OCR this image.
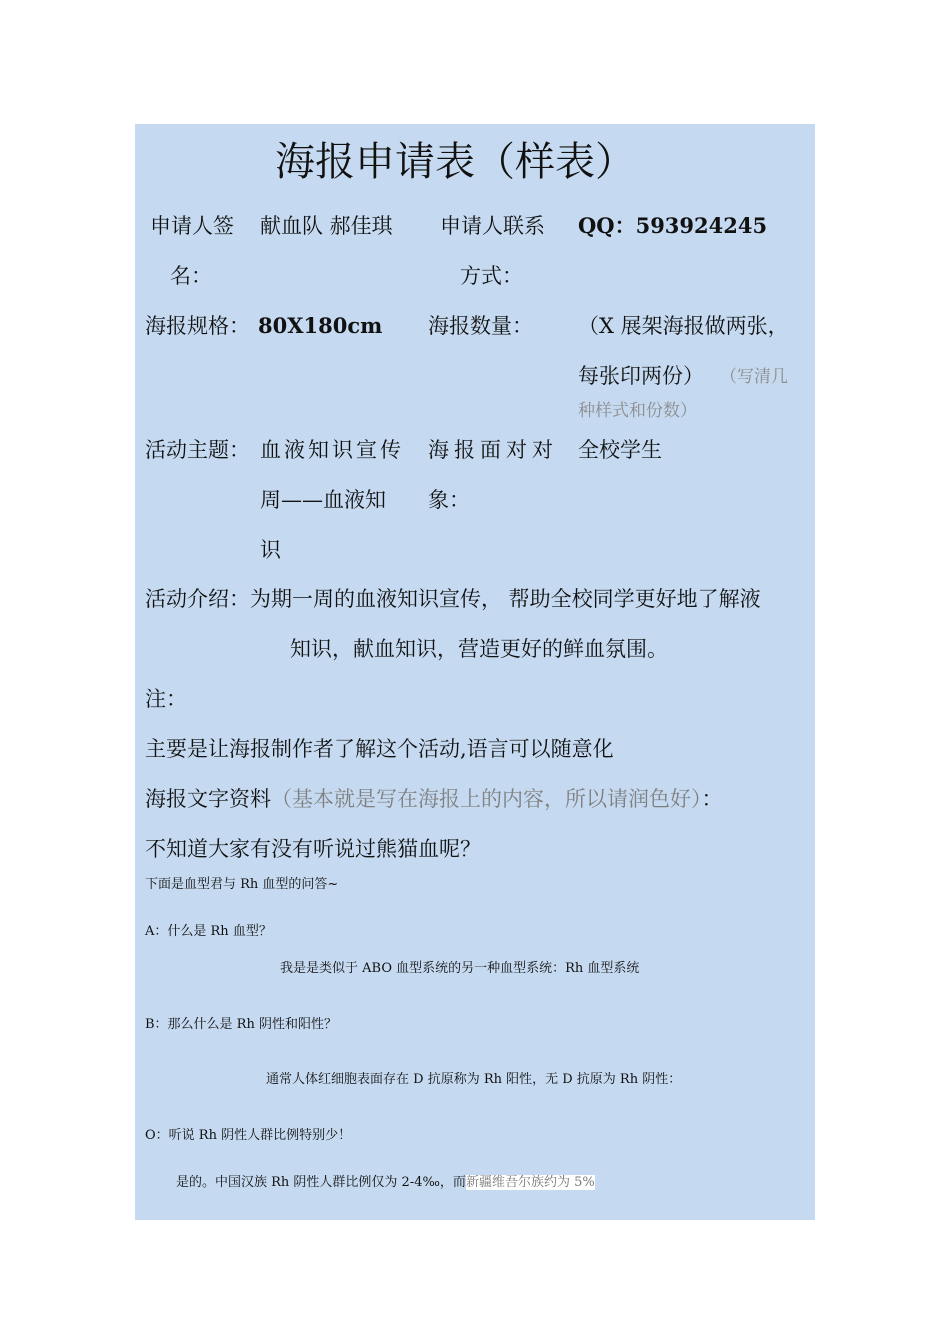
海报申请表（样表）
申请人签
名：
献血队 郝佳琪 申请人联系
方式：
QQ：593924245
海报规格： 80X180cm 海报数量： （X 展架海报做两张，
每张印两份） （写清几
种样式和份数）
活动主题： 血液知识宣传
周——血液知
识
海报面对对
象：
全校学生
活动介绍： 为期一周的血液知识宣传， 帮助全校同学更好地了解液
知识，献血知识，营造更好的鲜血氛围。
注：
主要是让海报制作者了解这个活动,语言可以随意化
海报文字资料（基本就是写在海报上的内容，所以请润色好）：
不知道大家有没有听说过熊猫血呢？
下面是血型君与 Rh 血型的问答~
A：什么是 Rh 血型？
我是是类似于 ABO 血型系统的另一种血型系统：Rh 血型系统
B：那么什么是 Rh 阴性和阳性？
通常人体红细胞表面存在 D 抗原称为 Rh 阳性，无 D 抗原为 Rh 阴性：
O：听说 Rh 阴性人群比例特别少！
是的。中国汉族 Rh 阴性人群比例仅为 2-4‰，而新疆维吾尔族约为 5%
